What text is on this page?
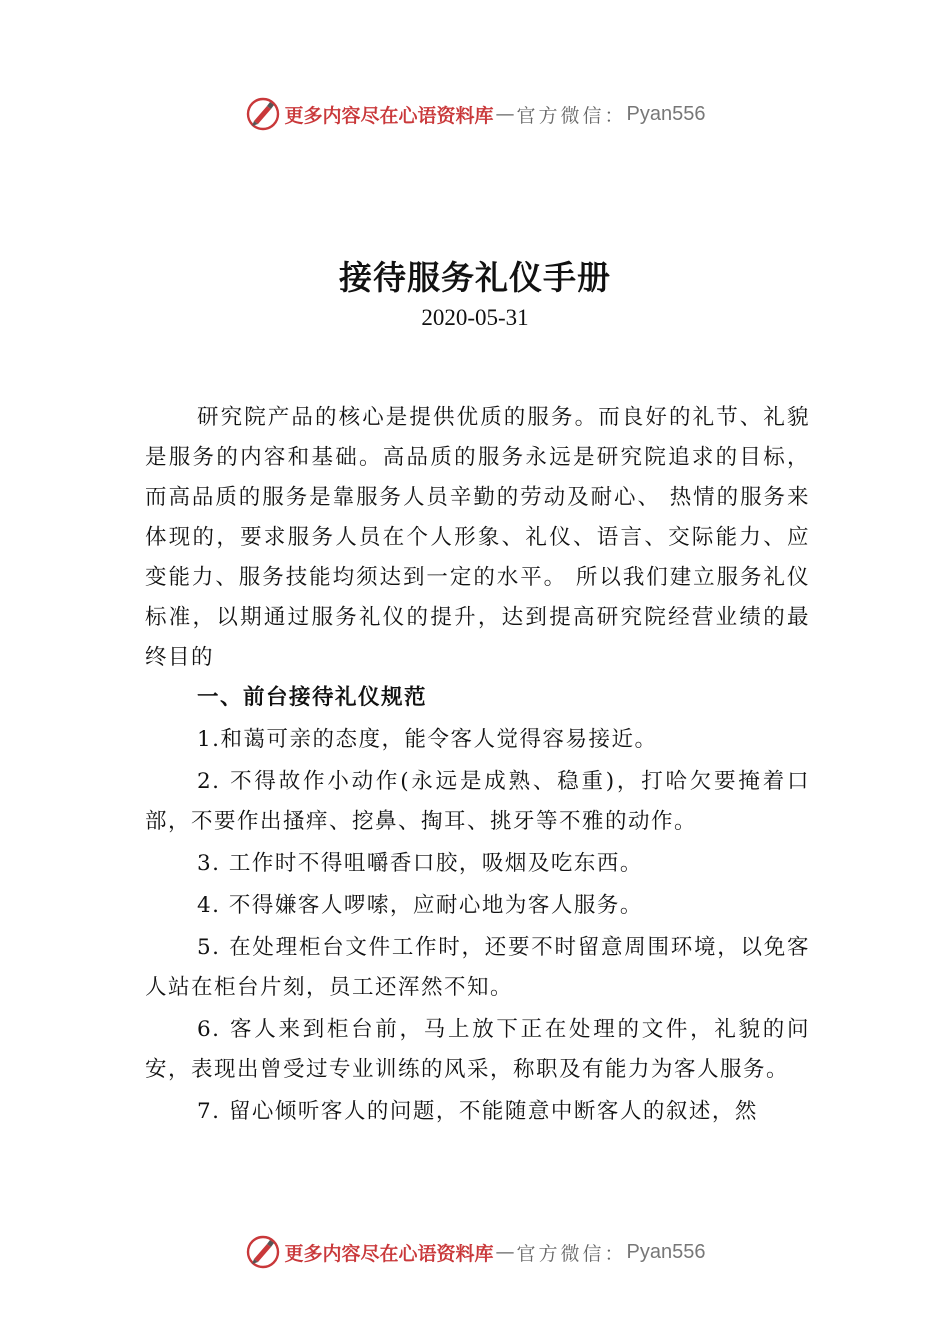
更多内容尽在心语资料库 — 官方微信： Pyan556
接待服务礼仪手册
2020-05-31

研究院产品的核心是提供优质的服务。而良好的礼节、礼貌是服务的内容和基础。高品质的服务永远是研究院追求的目标，而高品质的服务是靠服务人员辛勤的劳动及耐心、 热情的服务来体现的，要求服务人员在个人形象、礼仪、语言、交际能力、应变能力、服务技能均须达到一定的水平。 所以我们建立服务礼仪标准，以期通过服务礼仪的提升，达到提高研究院经营业绩的最终目的

一、前台接待礼仪规范

1.和蔼可亲的态度，能令客人觉得容易接近。

2. 不得故作小动作(永远是成熟、稳重)，打哈欠要掩着口部，不要作出搔痒、挖鼻、掏耳、挑牙等不雅的动作。

3. 工作时不得咀嚼香口胶，吸烟及吃东西。

4. 不得嫌客人啰嗦，应耐心地为客人服务。

5. 在处理柜台文件工作时，还要不时留意周围环境，以免客人站在柜台片刻，员工还浑然不知。

6. 客人来到柜台前，马上放下正在处理的文件，礼貌的问安，表现出曾受过专业训练的风采，称职及有能力为客人服务。

7. 留心倾听客人的问题，不能随意中断客人的叙述，然

更多内容尽在心语资料库 — 官方微信： Pyan556
